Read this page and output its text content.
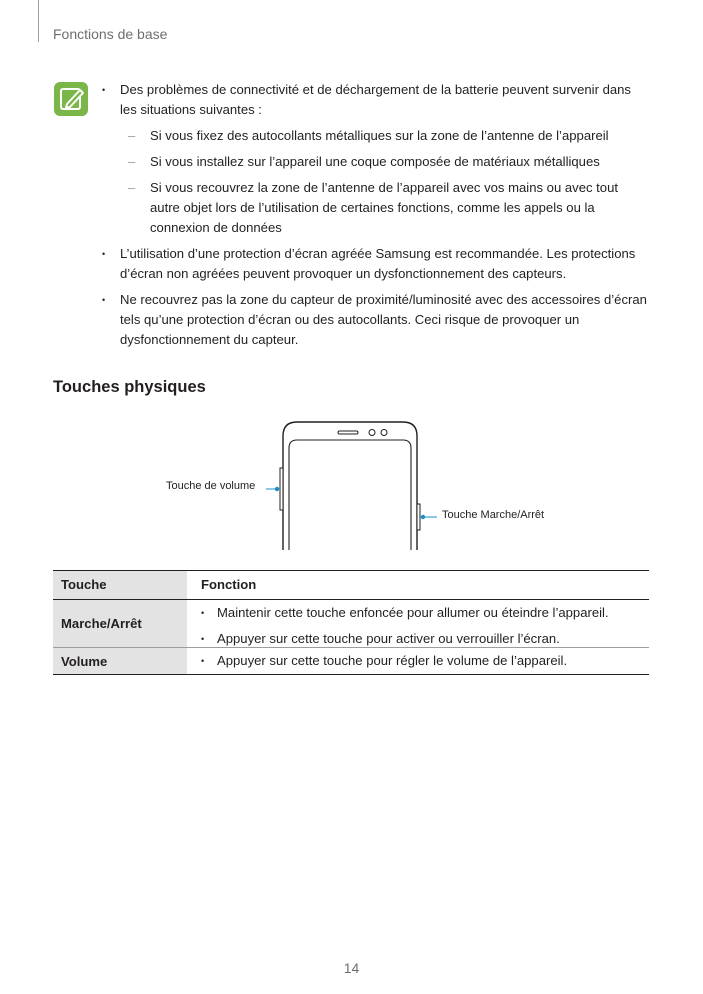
Fonctions de base
• Des problèmes de connectivité et de déchargement de la batterie peuvent survenir dans les situations suivantes :
– Si vous fixez des autocollants métalliques sur la zone de l’antenne de l’appareil
– Si vous installez sur l’appareil une coque composée de matériaux métalliques
– Si vous recouvrez la zone de l’antenne de l’appareil avec vos mains ou avec tout autre objet lors de l’utilisation de certaines fonctions, comme les appels ou la connexion de données
• L’utilisation d’une protection d’écran agréée Samsung est recommandée. Les protections d’écran non agréées peuvent provoquer un dysfonctionnement des capteurs.
• Ne recouvrez pas la zone du capteur de proximité/luminosité avec des accessoires d’écran tels qu’une protection d’écran ou des autocollants. Ceci risque de provoquer un dysfonctionnement du capteur.
Touches physiques
Touche de volume
Touche Marche/Arrêt
Touche	Fonction
Marche/Arrêt
• Maintenir cette touche enfoncée pour allumer ou éteindre l’appareil.
• Appuyer sur cette touche pour activer ou verrouiller l’écran.
Volume
•	Appuyer sur cette touche pour régler le volume de l’appareil.
14
